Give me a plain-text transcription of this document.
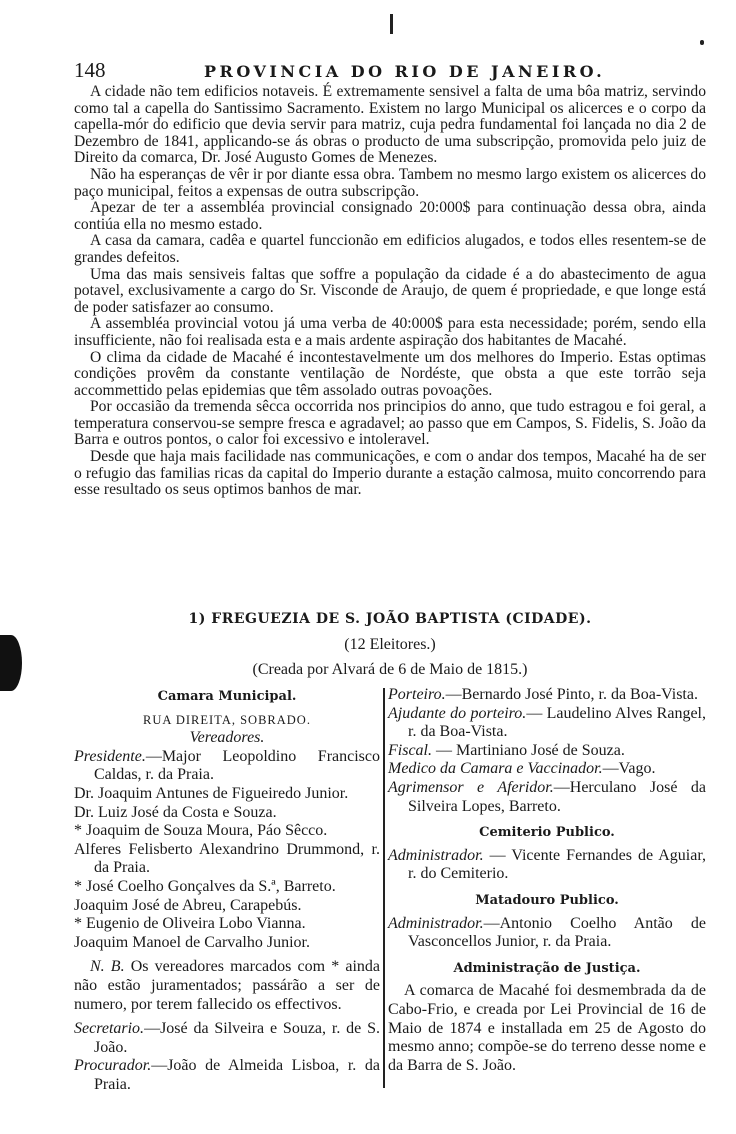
148	PROVINCIA DO RIO DE JANEIRO.

A cidade não tem edificios notaveis. É extremamente sensivel a falta de uma bôa matriz, servindo como tal a capella do Santissimo Sacramento. Existem no largo Municipal os alicerces e o corpo da capella-mór do edificio que devia servir para matriz, cuja pedra fundamental foi lançada no dia 2 de Dezembro de 1841, applicando-se ás obras o producto de uma subscripção, promovida pelo juiz de Direito da comarca, Dr. José Augusto Gomes de Menezes.

Não ha esperanças de vêr ir por diante essa obra. Tambem no mesmo largo existem os alicerces do paço municipal, feitos a expensas de outra subscripção.

Apezar de ter a assembléa provincial consignado 20:000$ para continuação dessa obra, ainda contiúa ella no mesmo estado.

A casa da camara, cadêa e quartel funccionão em edificios alugados, e todos elles resentem-se de grandes defeitos.

Uma das mais sensiveis faltas que soffre a população da cidade é a do abastecimento de agua potavel, exclusivamente a cargo do Sr. Visconde de Araujo, de quem é propriedade, e que longe está de poder satisfazer ao consumo.

A assembléa provincial votou já uma verba de 40:000$ para esta necessidade; porém, sendo ella insufficiente, não foi realisada esta e a mais ardente aspiração dos habitantes de Macahé.

O clima da cidade de Macahé é incontestavelmente um dos melhores do Imperio. Estas optimas condições provêm da constante ventilação de Nordéste, que obsta a que este torrão seja accommettido pelas epidemias que têm assolado outras povoações.

Por occasião da tremenda sêcca occorrida nos principios do anno, que tudo estragou e foi geral, a temperatura conservou-se sempre fresca e agradavel; ao passo que em Campos, S. Fidelis, S. João da Barra e outros pontos, o calor foi excessivo e intoleravel.

Desde que haja mais facilidade nas communicações, e com o andar dos tempos, Macahé ha de ser o refugio das familias ricas da capital do Imperio durante a estação calmosa, muito concorrendo para esse resultado os seus optimos banhos de mar.

1) FREGUEZIA DE S. JOÃO BAPTISTA (CIDADE).
(12 Eleitores.)
(Creada por Alvará de 6 de Maio de 1815.)
Camara Municipal.
RUA DIREITA, SOBRADO.
Vereadores.
Presidente.—Major Leopoldino Francisco Caldas, r. da Praia.
Dr. Joaquim Antunes de Figueiredo Junior.
Dr. Luiz José da Costa e Souza.
* Joaquim de Souza Moura, Páo Sêcco.
Alferes Felisberto Alexandrino Drummond, r. da Praia.
* José Coelho Gonçalves da S.ª, Barreto.
Joaquim José de Abreu, Carapebús.
* Eugenio de Oliveira Lobo Vianna.
Joaquim Manoel de Carvalho Junior.
N. B. Os vereadores marcados com * ainda não estão juramentados; passárão a ser de numero, por terem fallecido os effectivos.
Secretario.—José da Silveira e Souza, r. de S. João.
Procurador.—João de Almeida Lisboa, r. da Praia.
Porteiro.—Bernardo José Pinto, r. da Boa-Vista.
Ajudante do porteiro.— Laudelino Alves Rangel, r. da Boa-Vista.
Fiscal. — Martiniano José de Souza.
Medico da Camara e Vaccinador.—Vago.
Agrimensor e Aferidor.—Herculano José da Silveira Lopes, Barreto.
Cemiterio Publico.
Administrador. — Vicente Fernandes de Aguiar, r. do Cemiterio.
Matadouro Publico.
Administrador.—Antonio Coelho Antão de Vasconcellos Junior, r. da Praia.
Administração de Justiça.
A comarca de Macahé foi desmembrada da de Cabo-Frio, e creada por Lei Provincial de 16 de Maio de 1874 e installada em 25 de Agosto do mesmo anno; compõe-se do terreno desse nome e da Barra de S. João.
